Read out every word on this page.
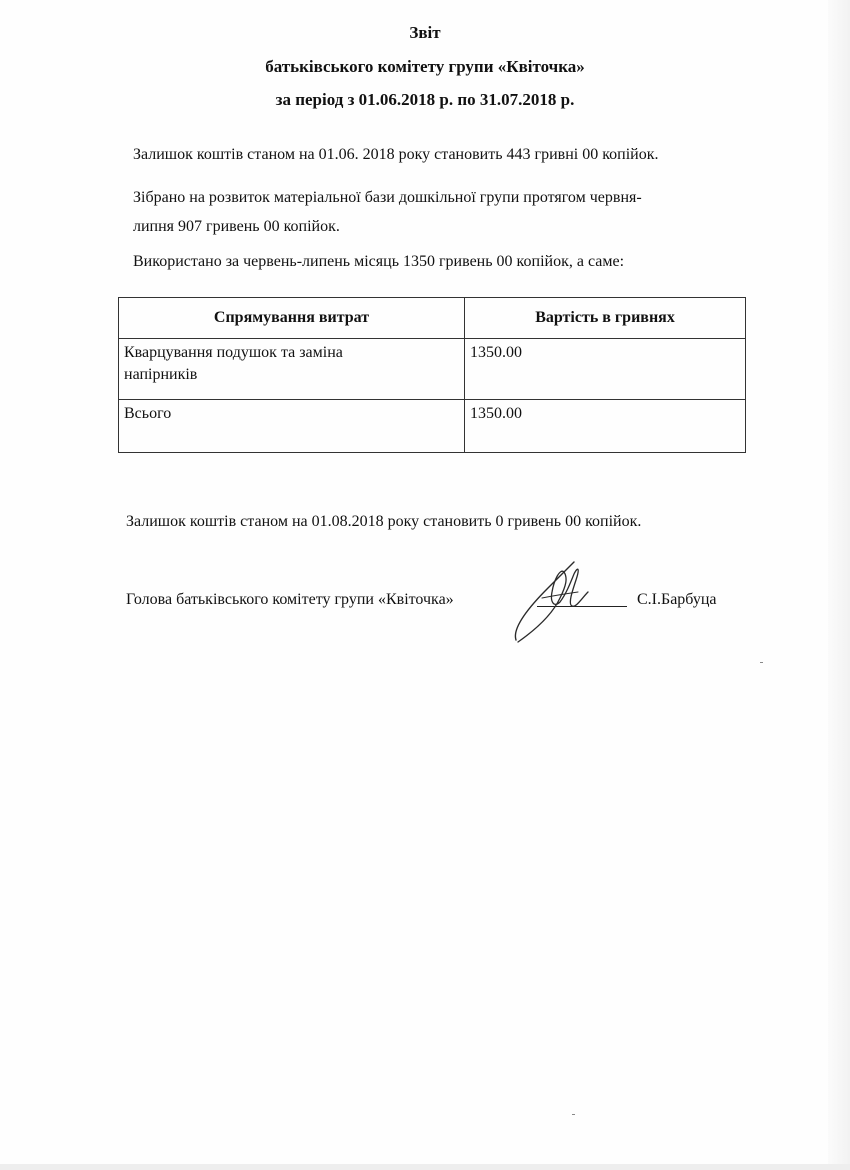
Звіт
батьківського комітету групи «Квіточка»
за період з 01.06.2018 р. по 31.07.2018 р.
Залишок коштів станом на 01.06. 2018 року становить 443 гривні 00 копійок.
Зібрано на розвиток матеріальної бази дошкільної групи протягом червня-
липня 907 гривень 00 копійок.
Використано за червень-липень місяць 1350 гривень 00 копійок, а саме:
Спрямування витрат	Вартість в гривнях

Кварцування подушок та заміна
напірників	1350.00
Всього	1350.00
Залишок коштів станом на 01.08.2018 року становить 0 гривень 00 копійок.
Голова батьківського комітету групи «Квіточка»	С.І.Барбуца
